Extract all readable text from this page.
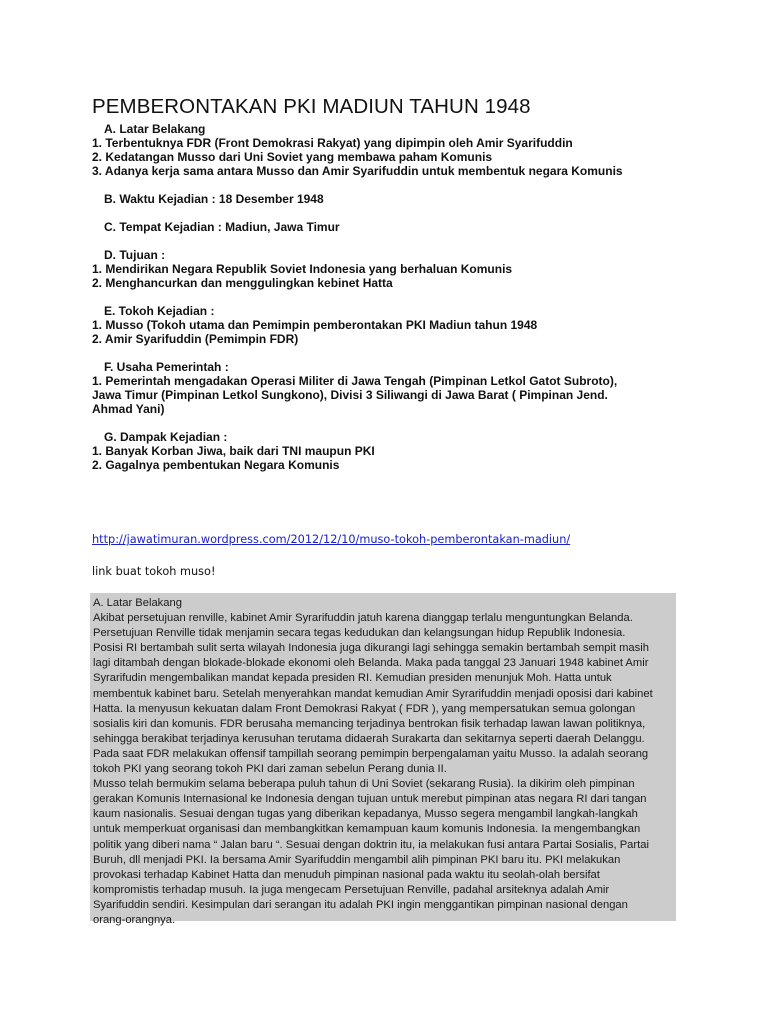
PEMBERONTAKAN PKI MADIUN TAHUN 1948
A. Latar Belakang
1. Terbentuknya FDR (Front Demokrasi Rakyat) yang dipimpin oleh Amir Syarifuddin
2. Kedatangan Musso dari Uni Soviet yang membawa paham Komunis
3. Adanya kerja sama antara Musso dan Amir Syarifuddin untuk membentuk negara Komunis
B. Waktu Kejadian : 18 Desember 1948
C. Tempat Kejadian : Madiun, Jawa Timur
D. Tujuan :
1. Mendirikan Negara Republik Soviet Indonesia yang berhaluan Komunis
2. Menghancurkan dan menggulingkan kebinet Hatta
E. Tokoh Kejadian :
1. Musso (Tokoh utama dan Pemimpin pemberontakan PKI Madiun tahun 1948
2. Amir Syarifuddin (Pemimpin FDR)
F. Usaha Pemerintah :
1. Pemerintah mengadakan Operasi Militer di Jawa Tengah (Pimpinan Letkol Gatot Subroto),
Jawa Timur (Pimpinan Letkol Sungkono), Divisi 3 Siliwangi di Jawa Barat ( Pimpinan Jend.
Ahmad Yani)
G. Dampak Kejadian :
1. Banyak Korban Jiwa, baik dari TNI maupun PKI
2. Gagalnya pembentukan Negara Komunis
http://jawatimuran.wordpress.com/2012/12/10/muso-tokoh-pemberontakan-madiun/
link buat tokoh muso!
A. Latar Belakang
Akibat persetujuan renville, kabinet Amir Syrarifuddin jatuh karena dianggap terlalu menguntungkan Belanda.
Persetujuan Renville tidak menjamin secara tegas kedudukan dan kelangsungan hidup Republik Indonesia.
Posisi RI bertambah sulit serta wilayah Indonesia juga dikurangi lagi sehingga semakin bertambah sempit masih
lagi ditambah dengan blokade-blokade ekonomi oleh Belanda. Maka pada tanggal 23 Januari 1948 kabinet Amir
Syrarifudin mengembalikan mandat kepada presiden RI. Kemudian presiden menunjuk Moh. Hatta untuk
membentuk kabinet baru. Setelah menyerahkan mandat kemudian Amir Syrarifuddin menjadi oposisi dari kabinet
Hatta. Ia menyusun kekuatan dalam Front Demokrasi Rakyat ( FDR ), yang mempersatukan semua golongan
sosialis kiri dan komunis. FDR berusaha memancing terjadinya bentrokan fisik terhadap lawan lawan politiknya,
sehingga berakibat terjadinya kerusuhan terutama didaerah Surakarta dan sekitarnya seperti daerah Delanggu.
Pada saat FDR melakukan offensif tampillah seorang pemimpin berpengalaman yaitu Musso. Ia adalah seorang
tokoh PKI yang seorang tokoh PKI dari zaman sebelun Perang dunia II.
Musso telah bermukim selama beberapa puluh tahun di Uni Soviet (sekarang Rusia). Ia dikirim oleh pimpinan
gerakan Komunis Internasional ke Indonesia dengan tujuan untuk merebut pimpinan atas negara RI dari tangan
kaum nasionalis. Sesuai dengan tugas yang diberikan kepadanya, Musso segera mengambil langkah-langkah
untuk memperkuat organisasi dan membangkitkan kemampuan kaum komunis Indonesia. Ia mengembangkan
politik yang diberi nama “ Jalan baru “. Sesuai dengan doktrin itu, ia melakukan fusi antara Partai Sosialis, Partai
Buruh, dll menjadi PKI. Ia bersama Amir Syarifuddin mengambil alih pimpinan PKI baru itu. PKI melakukan
provokasi terhadap Kabinet Hatta dan menuduh pimpinan nasional pada waktu itu seolah-olah bersifat
kompromistis terhadap musuh. Ia juga mengecam Persetujuan Renville, padahal arsiteknya adalah Amir
Syarifuddin sendiri. Kesimpulan dari serangan itu adalah PKI ingin menggantikan pimpinan nasional dengan
orang-orangnya.
